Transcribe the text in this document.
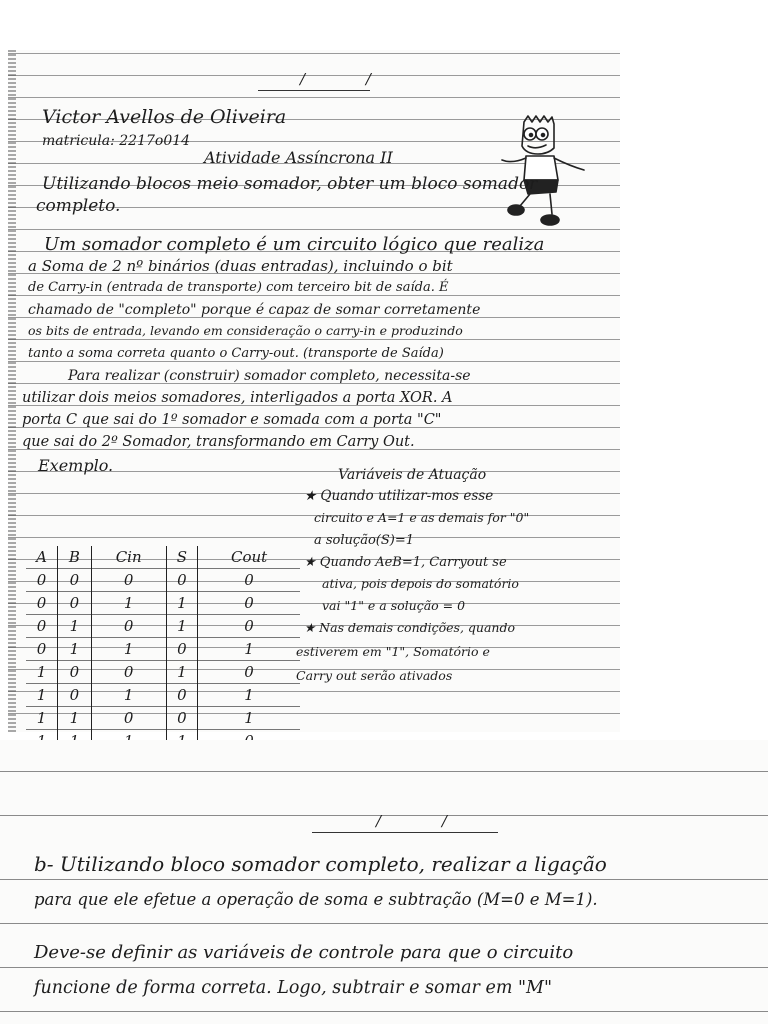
/ /
Victor Avellos de Oliveira
matricula: 2217o014
Atividade Assíncrona II
Utilizando blocos meio somador, obter um bloco somador
completo.
Um somador completo é um circuito lógico que realiza
a Soma de 2 nº binários (duas entradas), incluindo o bit
de Carry-in (entrada de transporte) com terceiro bit de saída. É
chamado de "completo" porque é capaz de somar corretamente
os bits de entrada, levando em consideração o carry-in e produzindo
tanto a soma correta quanto o Carry-out. (transporte de Saída)
Para realizar (construir) somador completo, necessita-se
utilizar dois meios somadores, interligados a porta XOR. A
porta C que sai do 1º somador e somada com a porta "C"
que sai do 2º Somador, transformando em Carry Out.
Exemplo.
A	B	Cin	S	Cout
0	0	0	0	0
0	0	1	1	0
0	1	0	1	0
0	1	1	0	1
1	0	0	1	0
1	0	1	0	1
1	1	0	0	1

Variáveis de Atuação
★ Quando utilizar-mos esse
circuito e A=1 e as demais for "0"
a solução(S)=1
★ Quando AeB=1, Carryout se
ativa, pois depois do somatório
vai "1" e a solução = 0
★ Nas demais condições, quando
estiverem em "1", Somatório e
Carry out serão ativados
/ /
b- Utilizando bloco somador completo, realizar a ligação
para que ele efetue a operação de soma e subtração (M=0 e M=1).
Deve-se definir as variáveis de controle para que o circuito
funcione de forma correta. Logo, subtrair e somar em "M"
